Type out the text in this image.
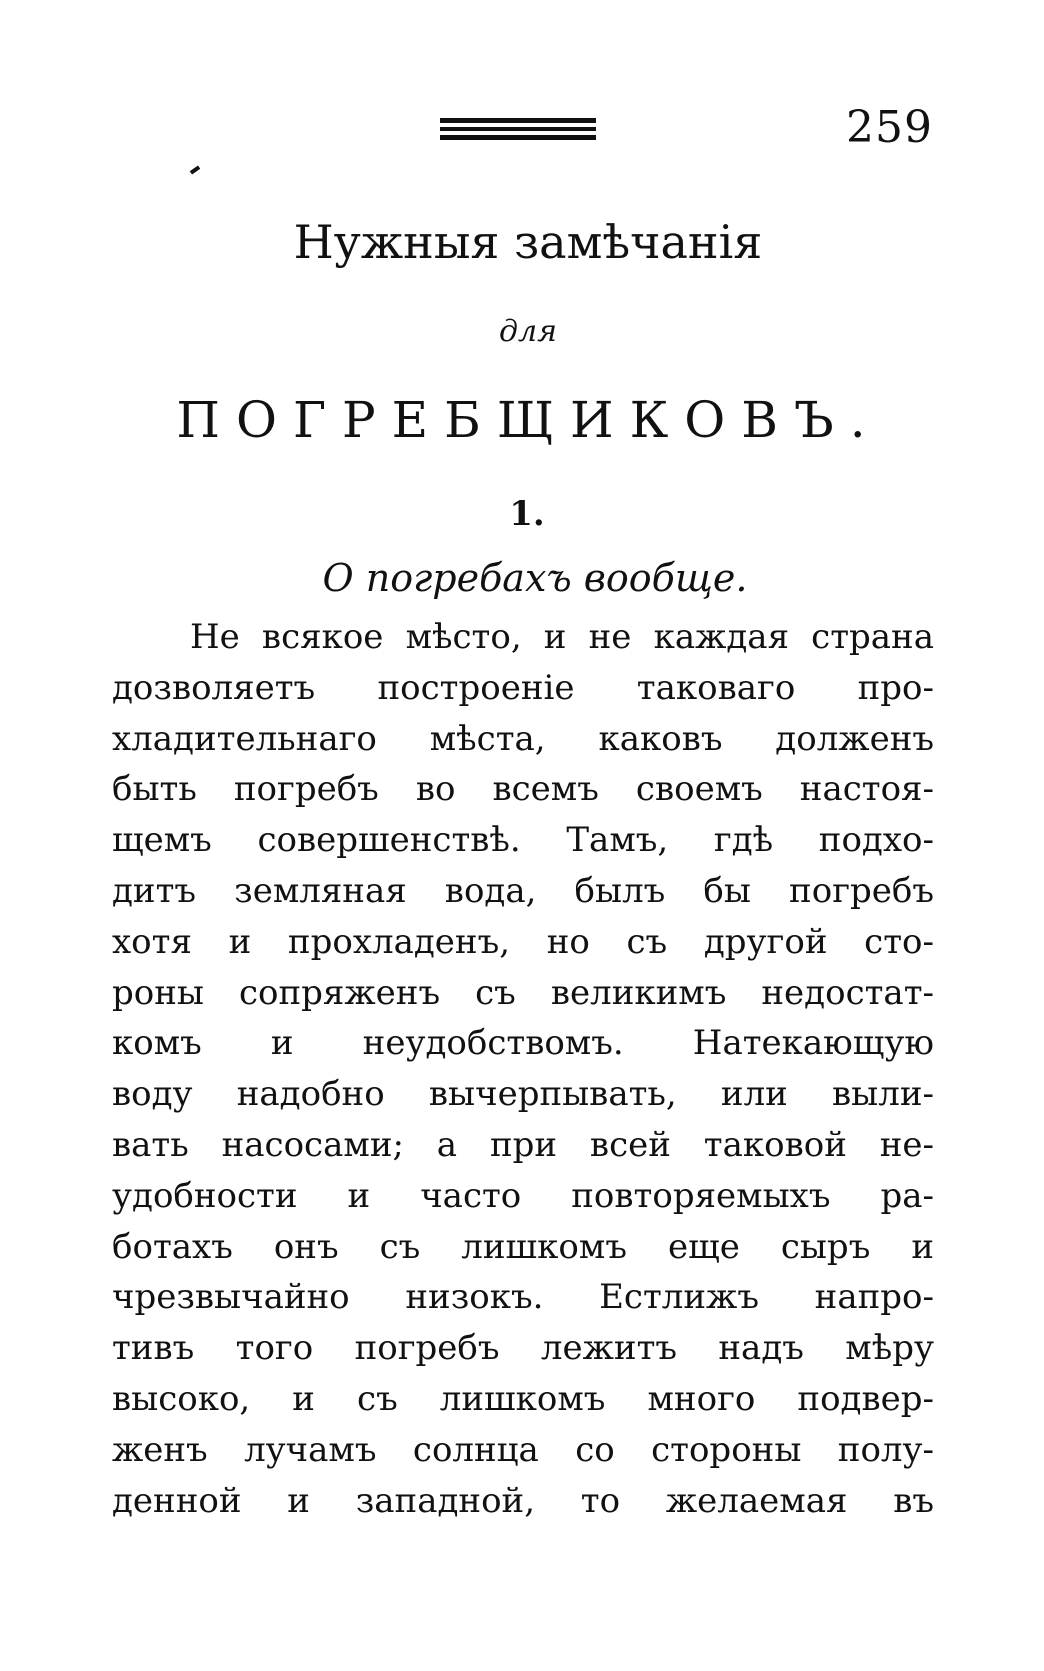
259
Нужныя замѣчанія
для
ПОГРЕБЩИКОВЪ.
1.
О погребахъ вообще.
Не всякое мѣсто, и не каждая страна
дозволяетъ построеніе таковаго про-
хладительнаго мѣста, каковъ долженъ
быть погребъ во всемъ своемъ настоя-
щемъ совершенствѣ. Тамъ, гдѣ подхо-
дитъ земляная вода, былъ бы погребъ
хотя и прохладенъ, но съ другой сто-
роны сопряженъ съ великимъ недостат-
комъ и неудобствомъ. Натекающую
воду надобно вычерпывать, или выли-
вать насосами; а при всей таковой не-
удобности и часто повторяемыхъ ра-
ботахъ онъ съ лишкомъ еще сыръ и
чрезвычайно низокъ. Естлижъ напро-
тивъ того погребъ лежитъ надъ мѣру
высоко, и съ лишкомъ много подвер-
женъ лучамъ солнца со стороны полу-
денной и западной, то желаемая въ
